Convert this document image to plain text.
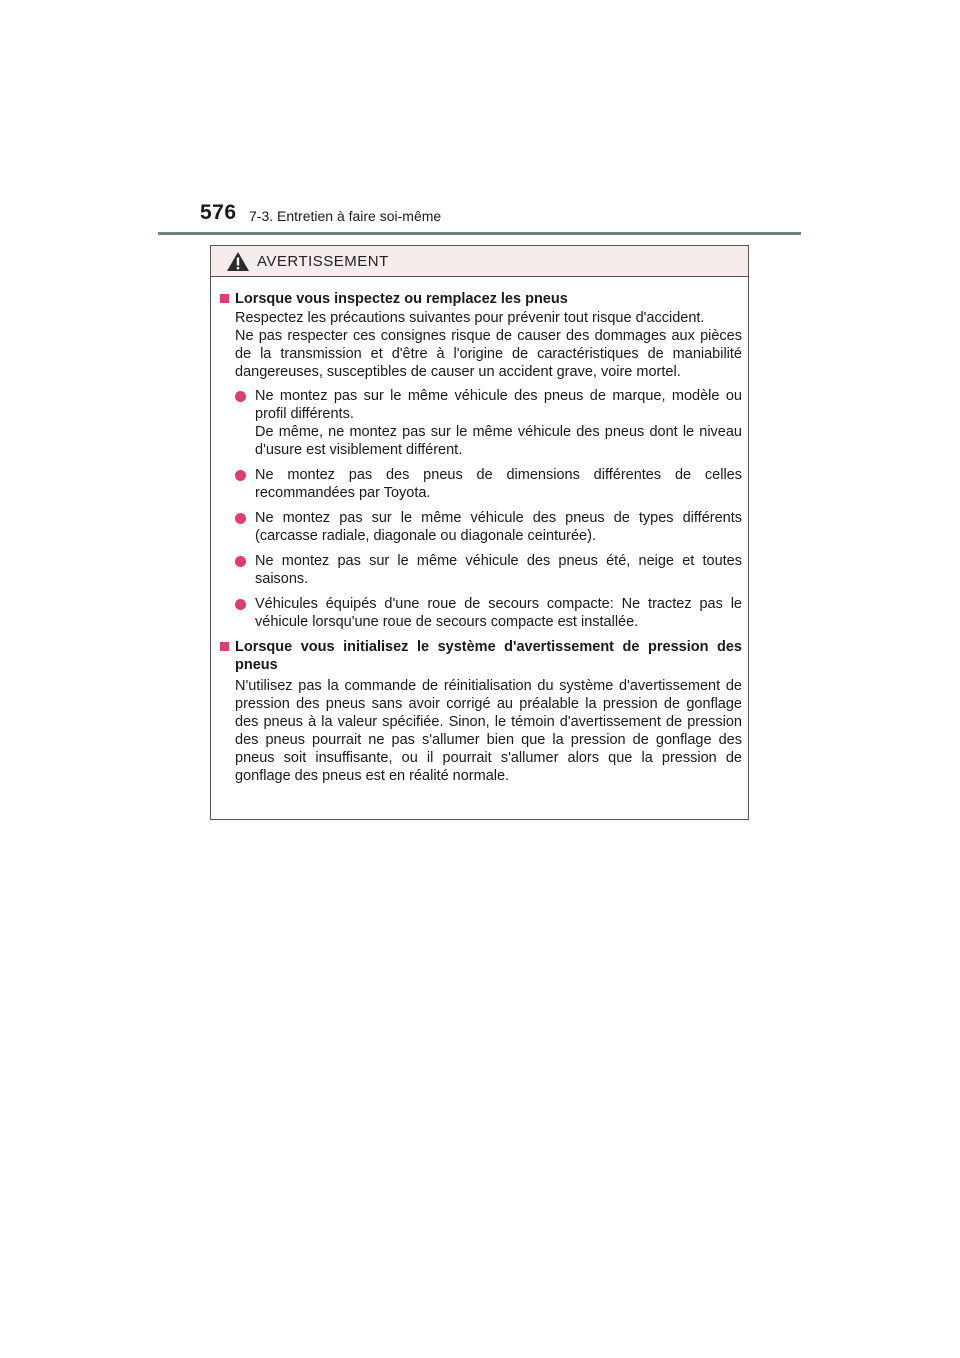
576 7-3. Entretien à faire soi-même
AVERTISSEMENT
Lorsque vous inspectez ou remplacez les pneus

Respectez les précautions suivantes pour prévenir tout risque d'accident.

Ne pas respecter ces consignes risque de causer des dommages aux pièces de la transmission et d'être à l'origine de caractéristiques de maniabilité dangereuses, susceptibles de causer un accident grave, voire mortel.

Ne montez pas sur le même véhicule des pneus de marque, modèle ou profil différents.

De même, ne montez pas sur le même véhicule des pneus dont le niveau d'usure est visiblement différent.

Ne montez pas des pneus de dimensions différentes de celles recommandées par Toyota.

Ne montez pas sur le même véhicule des pneus de types différents (carcasse radiale, diagonale ou diagonale ceinturée).

Ne montez pas sur le même véhicule des pneus été, neige et toutes saisons.

Véhicules équipés d'une roue de secours compacte: Ne tractez pas le véhicule lorsqu'une roue de secours compacte est installée.

Lorsque vous initialisez le système d'avertissement de pression des pneus

N'utilisez pas la commande de réinitialisation du système d'avertissement de pression des pneus sans avoir corrigé au préalable la pression de gonflage des pneus à la valeur spécifiée. Sinon, le témoin d'avertissement de pression des pneus pourrait ne pas s'allumer bien que la pression de gonflage des pneus soit insuffisante, ou il pourrait s'allumer alors que la pression de gonflage des pneus est en réalité normale.
